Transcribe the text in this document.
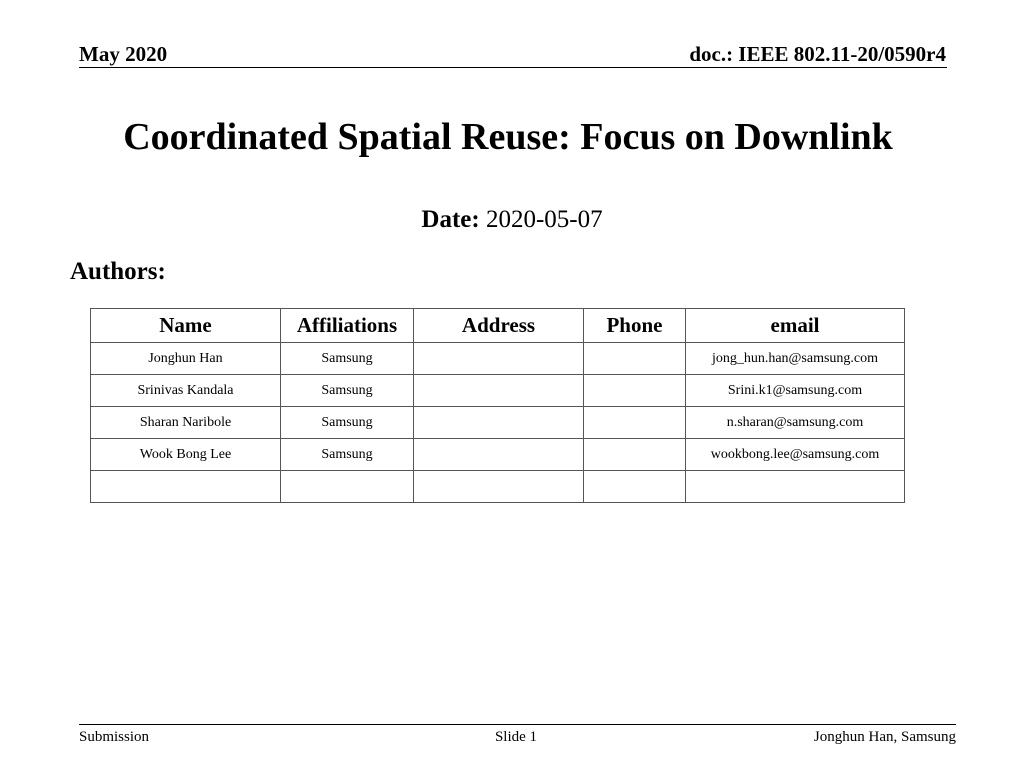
May 2020	doc.: IEEE 802.11-20/0590r4
Coordinated Spatial Reuse: Focus on Downlink
Date: 2020-05-07
Authors:
Name	Affiliations	Address	Phone	email
Jonghun Han	Samsung			jong_hun.han@samsung.com
Srinivas Kandala	Samsung			Srini.k1@samsung.com
Sharan Naribole	Samsung			n.sharan@samsung.com
Wook Bong Lee	Samsung			wookbong.lee@samsung.com

Submission	Slide 1	Jonghun Han, Samsung
